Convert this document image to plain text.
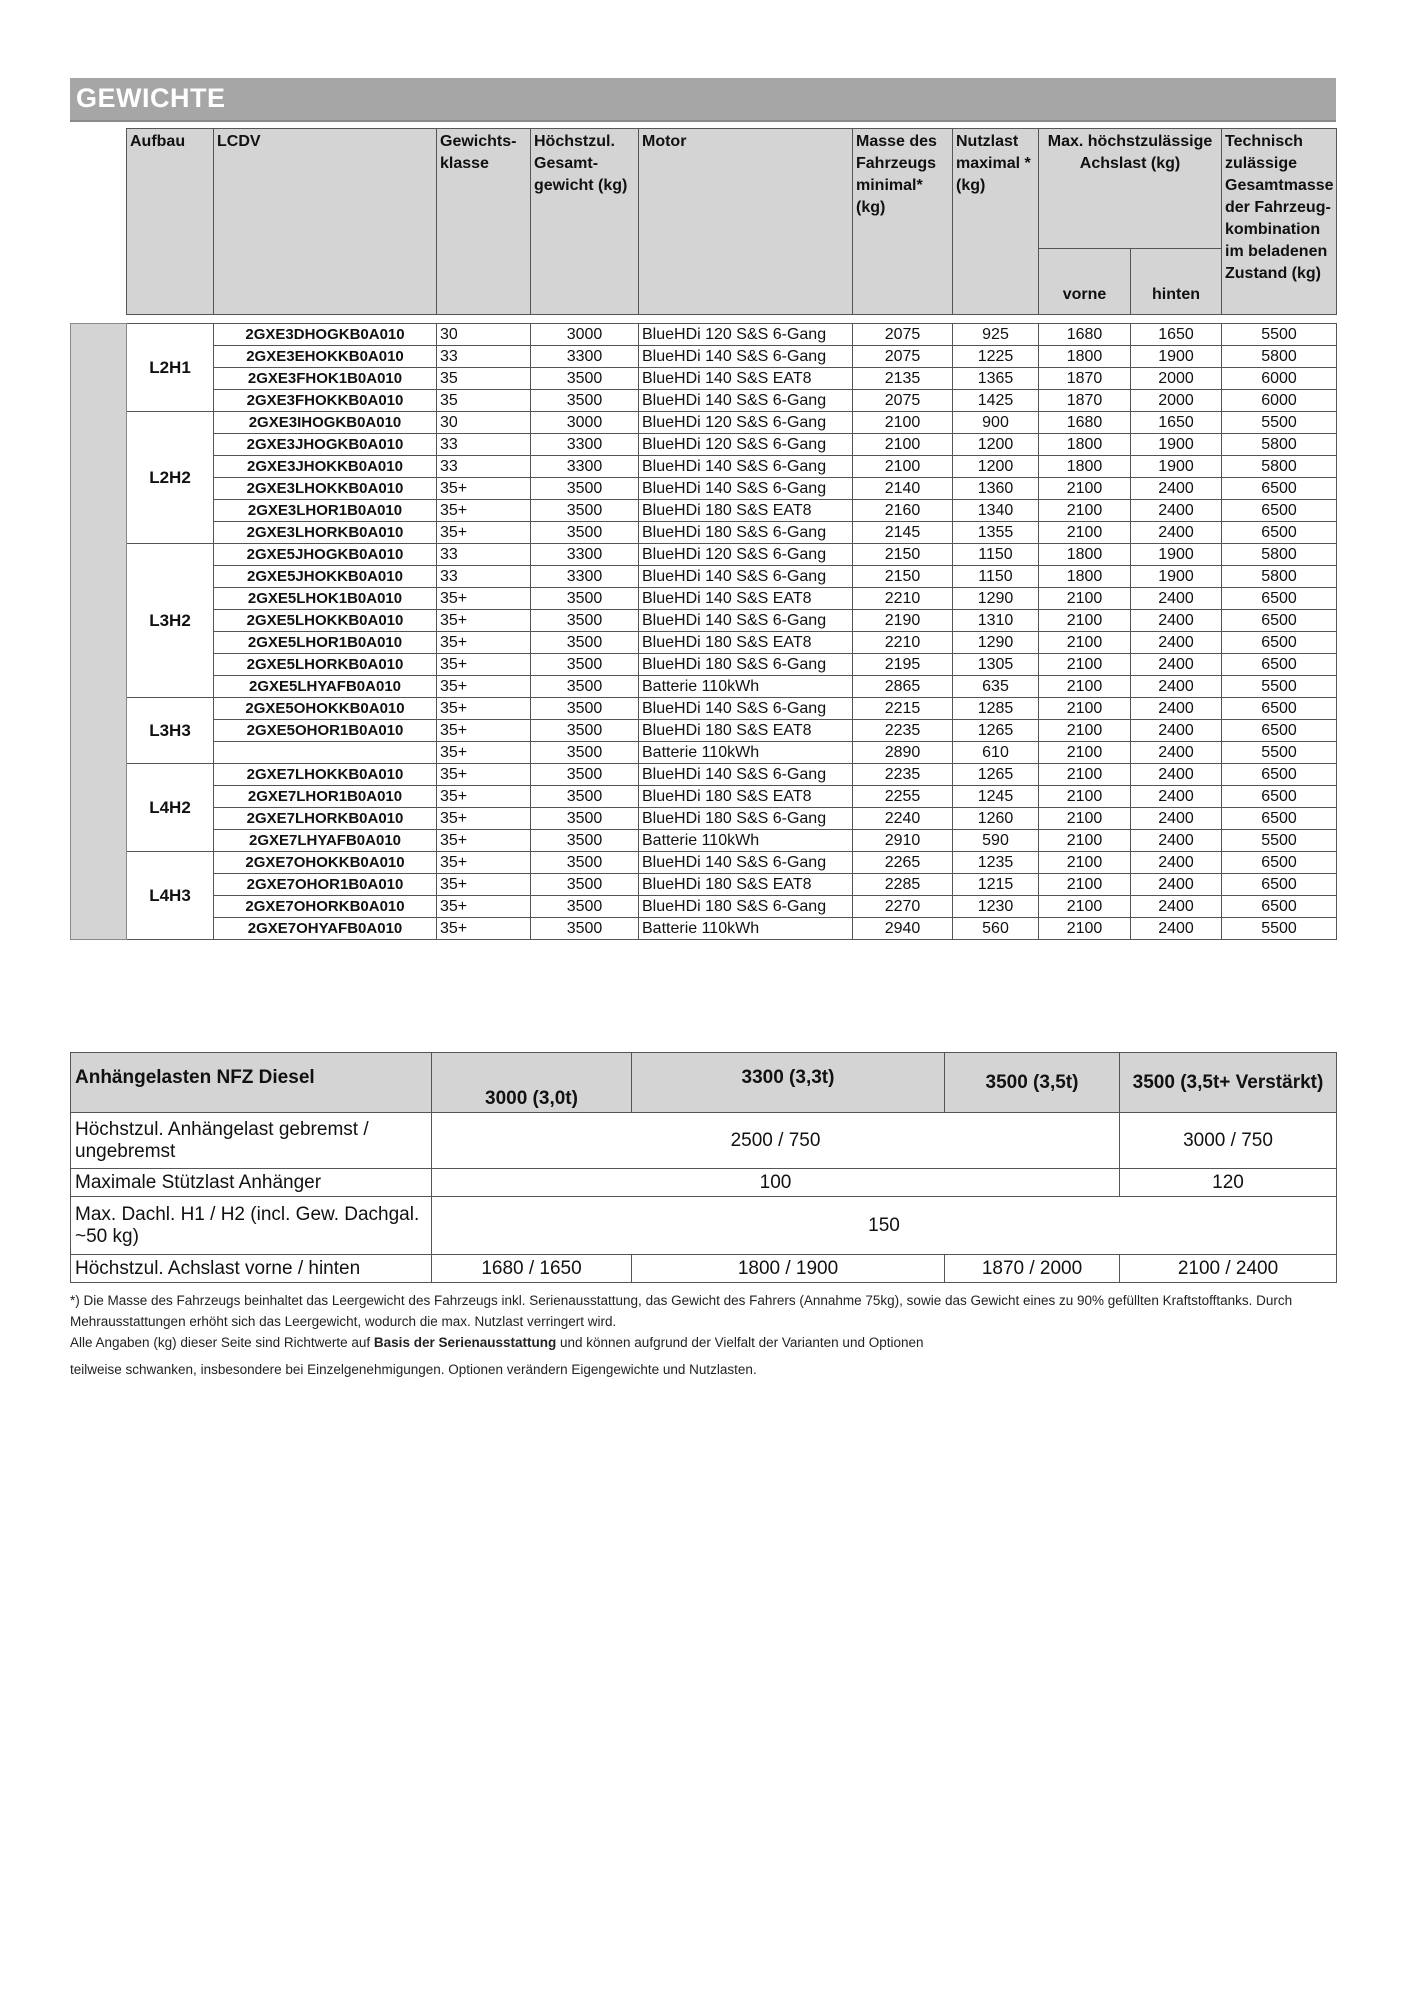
GEWICHTE
	Aufbau	LCDV	Gewichts-klasse	Höchstzul. Gesamt-gewicht (kg)	Motor	Masse des Fahrzeugs minimal* (kg)	Nutzlast maximal * (kg)	Max. höchstzulässige Achslast (kg)		Technisch zulässige Gesamtmasse der Fahrzeug-kombination im beladenen Zustand (kg)
								vorne	hinten	

	L2H1	2GXE3DHOGKB0A010	30	3000	BlueHDi 120 S&S 6-Gang	2075	925	1680	1650	5500
		2GXE3EHOKKB0A010	33	3300	BlueHDi 140 S&S 6-Gang	2075	1225	1800	1900	5800
		2GXE3FHOK1B0A010	35	3500	BlueHDi 140 S&S EAT8	2135	1365	1870	2000	6000
		2GXE3FHOKKB0A010	35	3500	BlueHDi 140 S&S 6-Gang	2075	1425	1870	2000	6000
	L2H2	2GXE3IHOGKB0A010	30	3000	BlueHDi 120 S&S 6-Gang	2100	900	1680	1650	5500
		2GXE3JHOGKB0A010	33	3300	BlueHDi 120 S&S 6-Gang	2100	1200	1800	1900	5800
		2GXE3JHOKKB0A010	33	3300	BlueHDi 140 S&S 6-Gang	2100	1200	1800	1900	5800
		2GXE3LHOKKB0A010	35+	3500	BlueHDi 140 S&S 6-Gang	2140	1360	2100	2400	6500
		2GXE3LHOR1B0A010	35+	3500	BlueHDi 180 S&S EAT8	2160	1340	2100	2400	6500
		2GXE3LHORKB0A010	35+	3500	BlueHDi 180 S&S 6-Gang	2145	1355	2100	2400	6500
	L3H2	2GXE5JHOGKB0A010	33	3300	BlueHDi 120 S&S 6-Gang	2150	1150	1800	1900	5800
		2GXE5JHOKKB0A010	33	3300	BlueHDi 140 S&S 6-Gang	2150	1150	1800	1900	5800
		2GXE5LHOK1B0A010	35+	3500	BlueHDi 140 S&S EAT8	2210	1290	2100	2400	6500
		2GXE5LHOKKB0A010	35+	3500	BlueHDi 140 S&S 6-Gang	2190	1310	2100	2400	6500
		2GXE5LHOR1B0A010	35+	3500	BlueHDi 180 S&S EAT8	2210	1290	2100	2400	6500
		2GXE5LHORKB0A010	35+	3500	BlueHDi 180 S&S 6-Gang	2195	1305	2100	2400	6500
		2GXE5LHYAFB0A010	35+	3500	Batterie 110kWh	2865	635	2100	2400	5500
	L3H3	2GXE5OHOKKB0A010	35+	3500	BlueHDi 140 S&S 6-Gang	2215	1285	2100	2400	6500
		2GXE5OHOR1B0A010	35+	3500	BlueHDi 180 S&S EAT8	2235	1265	2100	2400	6500
			35+	3500	Batterie 110kWh	2890	610	2100	2400	5500
	L4H2	2GXE7LHOKKB0A010	35+	3500	BlueHDi 140 S&S 6-Gang	2235	1265	2100	2400	6500
		2GXE7LHOR1B0A010	35+	3500	BlueHDi 180 S&S EAT8	2255	1245	2100	2400	6500
		2GXE7LHORKB0A010	35+	3500	BlueHDi 180 S&S 6-Gang	2240	1260	2100	2400	6500
		2GXE7LHYAFB0A010	35+	3500	Batterie 110kWh	2910	590	2100	2400	5500
	L4H3	2GXE7OHOKKB0A010	35+	3500	BlueHDi 140 S&S 6-Gang	2265	1235	2100	2400	6500
		2GXE7OHOR1B0A010	35+	3500	BlueHDi 180 S&S EAT8	2285	1215	2100	2400	6500
		2GXE7OHORKB0A010	35+	3500	BlueHDi 180 S&S 6-Gang	2270	1230	2100	2400	6500
		2GXE7OHYAFB0A010	35+	3500	Batterie 110kWh	2940	560	2100	2400	5500
Anhängelasten NFZ Diesel	3000 (3,0t)	3300 (3,3t)	3500 (3,5t)	3500 (3,5t+ Verstärkt)
Höchstzul. Anhängelast gebremst / ungebremst	2500 / 750			3000 / 750
Maximale Stützlast Anhänger	100			120
Max. Dachl. H1 / H2 (incl. Gew. Dachgal. ~50 kg)	150			
Höchstzul. Achslast vorne / hinten	1680 / 1650	1800 / 1900	1870 / 2000	2100 / 2400

*) Die Masse des Fahrzeugs beinhaltet das Leergewicht des Fahrzeugs inkl. Serienausstattung, das Gewicht des Fahrers (Annahme 75kg), sowie das Gewicht eines zu 90% gefüllten Kraftstofftanks. Durch Mehrausstattungen erhöht sich das Leergewicht, wodurch die max. Nutzlast verringert wird.

Alle Angaben (kg) dieser Seite sind Richtwerte auf Basis der Serienausstattung und können aufgrund der Vielfalt der Varianten und Optionen

teilweise schwanken, insbesondere bei Einzelgenehmigungen. Optionen verändern Eigengewichte und Nutzlasten.
